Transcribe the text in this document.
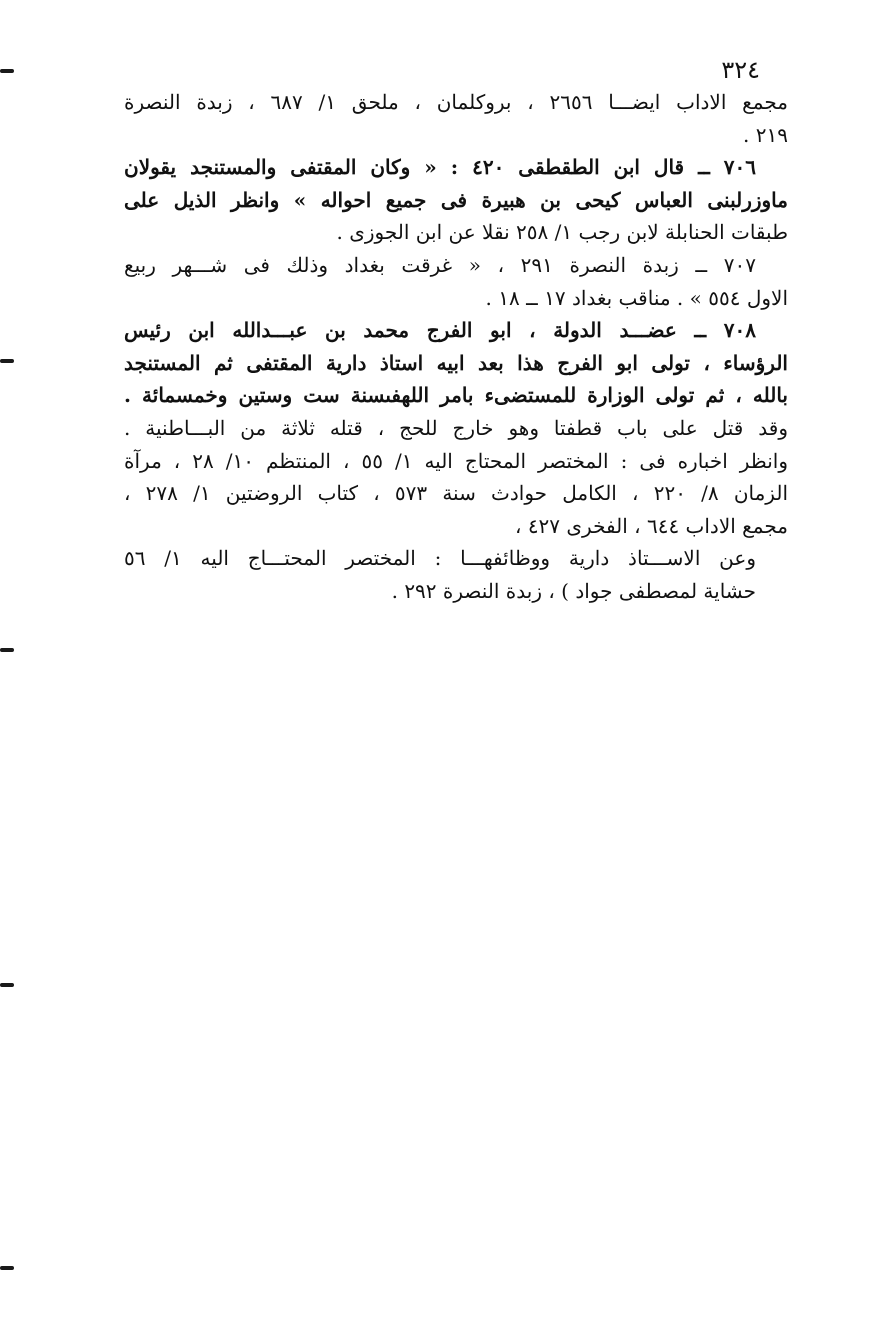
٣٢٤
مجمع الاداب ايضـــا ٢٦٥٦ ، بروكلمان ، ملحق ١/ ٦٨٧ ، زبدة النصرة
٢١٩ .
٧٠٦ ــ قال ابن الطقطقى ٤٢٠ : « وكان المقتفى والمستنجد يقولان
ماوزرلبنى العباس كيحى بن هبيرة فى جميع احواله » وانظر الذيل على
طبقات الحنابلة لابن رجب ١/ ٢٥٨ نقلا عن ابن الجوزى .
٧٠٧ ــ زبدة النصرة ٢٩١ ، « غرقت بغداد وذلك فى شـــهر ربيع
الاول ٥٥٤ » . مناقب بغداد ١٧ ــ ١٨ .
٧٠٨ ــ عضـــد الدولة ، ابو الفرج محمد بن عبـــدالله ابن رئيس
الرؤساء ، تولى ابو الفرج هذا بعد ابيه استاذ دارية المقتفى ثم المستنجد
بالله ، ثم تولى الوزارة للمستضىء بامر اللهفىسنة ست وستين وخمسمائة .
وقد قتل على باب قطفتا وهو خارج للحج ، قتله ثلاثة من البـــاطنية .
وانظر اخباره فى : المختصر المحتاج اليه ١/ ٥٥ ، المنتظم ١٠/ ٢٨ ، مرآة
الزمان ٨/ ٢٢٠ ، الكامل حوادث سنة ٥٧٣ ، كتاب الروضتين ١/ ٢٧٨ ،
مجمع الاداب ٦٤٤ ، الفخرى ٤٢٧ ،
وعن الاســـتاذ دارية ووظائفهـــا : المختصر المحتـــاج اليه ١/ ٥٦
حشاية لمصطفى جواد ) ، زبدة النصرة ٢٩٢ .
